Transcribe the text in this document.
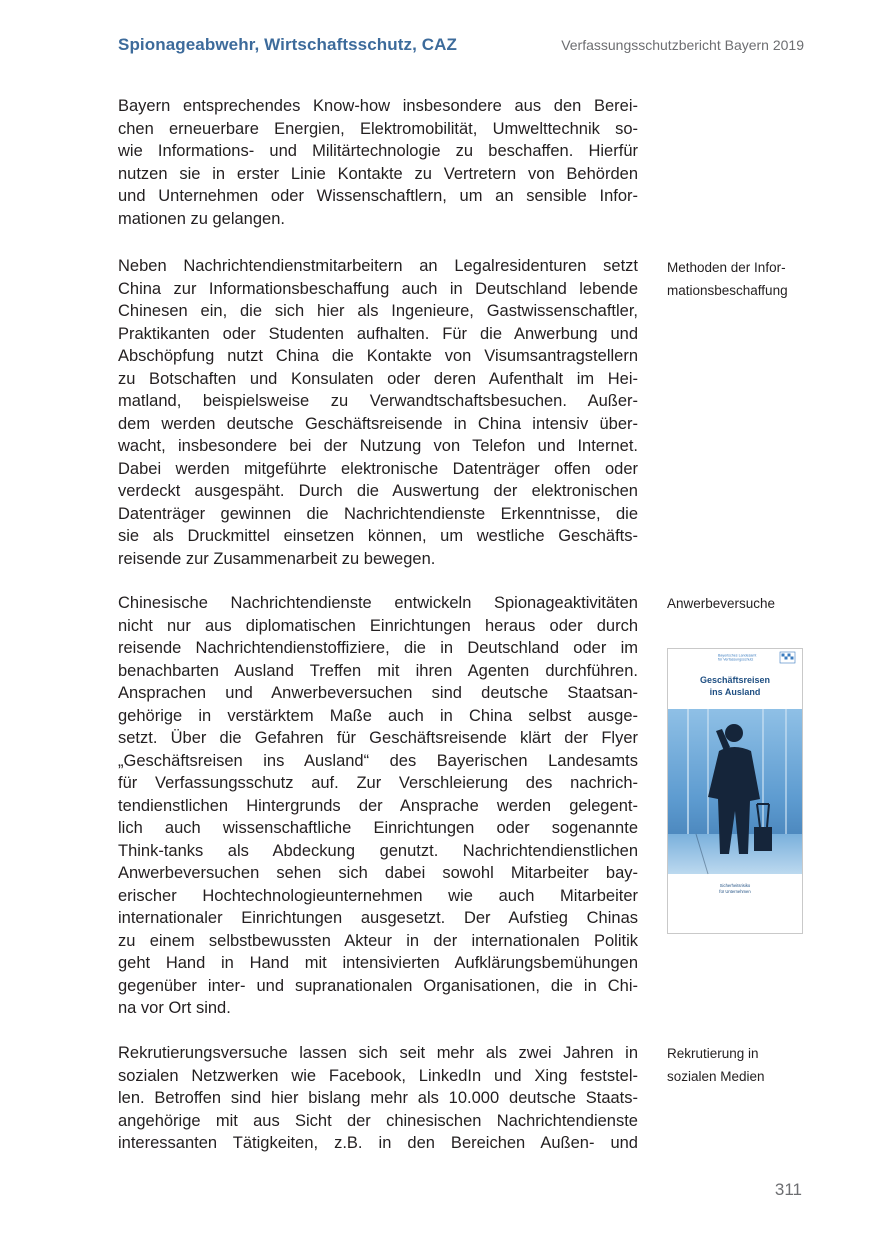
Spionageabwehr, Wirtschaftsschutz, CAZ	Verfassungsschutzbericht Bayern 2019
Bayern entsprechendes Know-how insbesondere aus den Berei-
chen erneuerbare Energien, Elektromobilität, Umwelttechnik so-
wie Informations- und Militärtechnologie zu beschaffen. Hierfür
nutzen sie in erster Linie Kontakte zu Vertretern von Behörden
und Unternehmen oder Wissenschaftlern, um an sensible Infor-
mationen zu gelangen.
Neben Nachrichtendienstmitarbeitern an Legalresidenturen setzt
China zur Informationsbeschaffung auch in Deutschland lebende
Chinesen ein, die sich hier als Ingenieure, Gastwissenschaftler,
Praktikanten oder Studenten aufhalten. Für die Anwerbung und
Abschöpfung nutzt China die Kontakte von Visumsantragstellern
zu Botschaften und Konsulaten oder deren Aufenthalt im Hei-
matland, beispielsweise zu Verwandtschaftsbesuchen. Außer-
dem werden deutsche Geschäftsreisende in China intensiv über-
wacht, insbesondere bei der Nutzung von Telefon und Internet.
Dabei werden mitgeführte elektronische Datenträger offen oder
verdeckt ausgespäht. Durch die Auswertung der elektronischen
Datenträger gewinnen die Nachrichtendienste Erkenntnisse, die
sie als Druckmittel einsetzen können, um westliche Geschäfts-
reisende zur Zusammenarbeit zu bewegen.
Chinesische Nachrichtendienste entwickeln Spionageaktivitäten
nicht nur aus diplomatischen Einrichtungen heraus oder durch
reisende Nachrichtendienstoffiziere, die in Deutschland oder im
benachbarten Ausland Treffen mit ihren Agenten durchführen.
Ansprachen und Anwerbeversuchen sind deutsche Staatsan-
gehörige in verstärktem Maße auch in China selbst ausge-
setzt. Über die Gefahren für Geschäftsreisende klärt der Flyer
„Geschäftsreisen ins Ausland“ des Bayerischen Landesamts
für Verfassungsschutz auf. Zur Verschleierung des nachrich-
tendienstlichen Hintergrunds der Ansprache werden gelegent-
lich auch wissenschaftliche Einrichtungen oder sogenannte
Think-tanks als Abdeckung genutzt. Nachrichtendienstlichen
Anwerbeversuchen sehen sich dabei sowohl Mitarbeiter bay-
erischer Hochtechnologieunternehmen wie auch Mitarbeiter
internationaler Einrichtungen ausgesetzt. Der Aufstieg Chinas
zu einem selbstbewussten Akteur in der internationalen Politik
geht Hand in Hand mit intensivierten Aufklärungsbemühungen
gegenüber inter- und supranationalen Organisationen, die in Chi-
na vor Ort sind.
Rekrutierungsversuche lassen sich seit mehr als zwei Jahren in
sozialen Netzwerken wie Facebook, LinkedIn und Xing feststel-
len. Betroffen sind hier bislang mehr als 10.000 deutsche Staats-
angehörige mit aus Sicht der chinesischen Nachrichtendienste
interessanten Tätigkeiten, z.B. in den Bereichen Außen- und
Methoden der Infor-
mationsbeschaffung
Anwerbeversuche
Rekrutierung in
sozialen Medien
Bayerisches Landesamt
für Verfassungsschutz
Geschäftsreisen
ins Ausland
Sicherheitsrisiko
für Unternehmen
311
